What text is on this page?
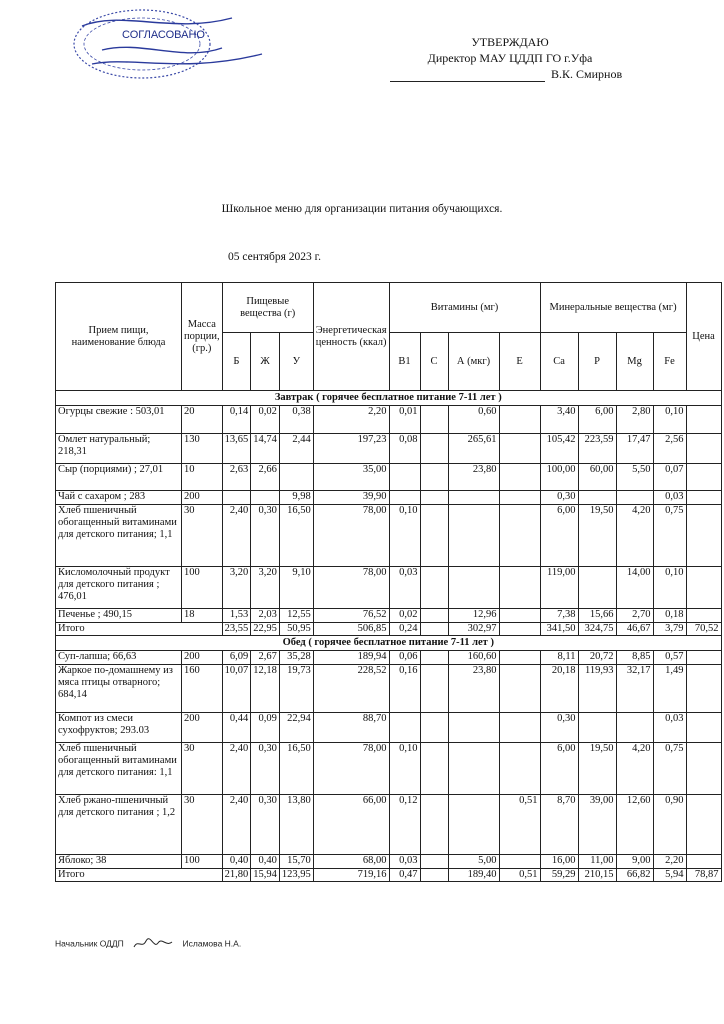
СОГЛАСОВАНО	УТВЕРЖДАЮ
Директор МАУ ЦДДП ГО г.Уфа
В.К. Смирнов
Школьное меню для организации питания обучающихся.
05 сентября 2023 г.
Прием пищи, наименование блюда	Масса порции, (гр.)	Пищевые вещества (г)			Энергетическая ценность (ккал)	Витамины (мг)				Минеральные вещества (мг)				Цена
		Б	Ж	У		B1	C	А (мкг)	E	Ca	P	Mg	Fe	
Завтрак ( горячее бесплатное питание 7-11 лет )														
Огурцы свежие : 503,01	20	0,14	0,02	0,38	2,20	0,01		0,60		3,40	6,00	2,80	0,10	
Омлет натуральный; 218,31	130	13,65	14,74	2,44	197,23	0,08		265,61		105,42	223,59	17,47	2,56	
Сыр (порциями) ; 27,01	10	2,63	2,66		35,00			23,80		100,00	60,00	5,50	0,07	
Чай с сахаром ; 283	200			9,98	39,90					0,30			0,03	
Хлеб пшеничный обогащенный витаминами для детского питания; 1,1	30	2,40	0,30	16,50	78,00	0,10				6,00	19,50	4,20	0,75	
Кисломолочный продукт для детского питания ; 476,01	100	3,20	3,20	9,10	78,00	0,03				119,00		14,00	0,10	
Печенье ; 490,15	18	1,53	2,03	12,55	76,52	0,02		12,96		7,38	15,66	2,70	0,18	
Итого		23,55	22,95	50,95	506,85	0,24		302,97		341,50	324,75	46,67	3,79	70,52
Обед ( горячее бесплатное питание 7-11 лет )														
Суп-лапша; 66,63	200	6,09	2,67	35,28	189,94	0,06		160,60		8,11	20,72	8,85	0,57	
Жаркое по-домашнему из мяса птицы отварного; 684,14	160	10,07	12,18	19,73	228,52	0,16		23,80		20,18	119,93	32,17	1,49	
Компот из смеси сухофруктов; 293.03	200	0,44	0,09	22,94	88,70					0,30			0,03	
Хлеб пшеничный обогащенный витаминами для детского питания: 1,1	30	2,40	0,30	16,50	78,00	0,10				6,00	19,50	4,20	0,75	
Хлеб ржано-пшеничный для детского питания ; 1,2	30	2,40	0,30	13,80	66,00	0,12			0,51	8,70	39,00	12,60	0,90	
Яблоко; 38	100	0,40	0,40	15,70	68,00	0,03		5,00		16,00	11,00	9,00	2,20	
Итого		21,80	15,94	123,95	719,16	0,47		189,40	0,51	59,29	210,15	66,82	5,94	78,87
Начальник ОДДП	Исламова Н.А.
